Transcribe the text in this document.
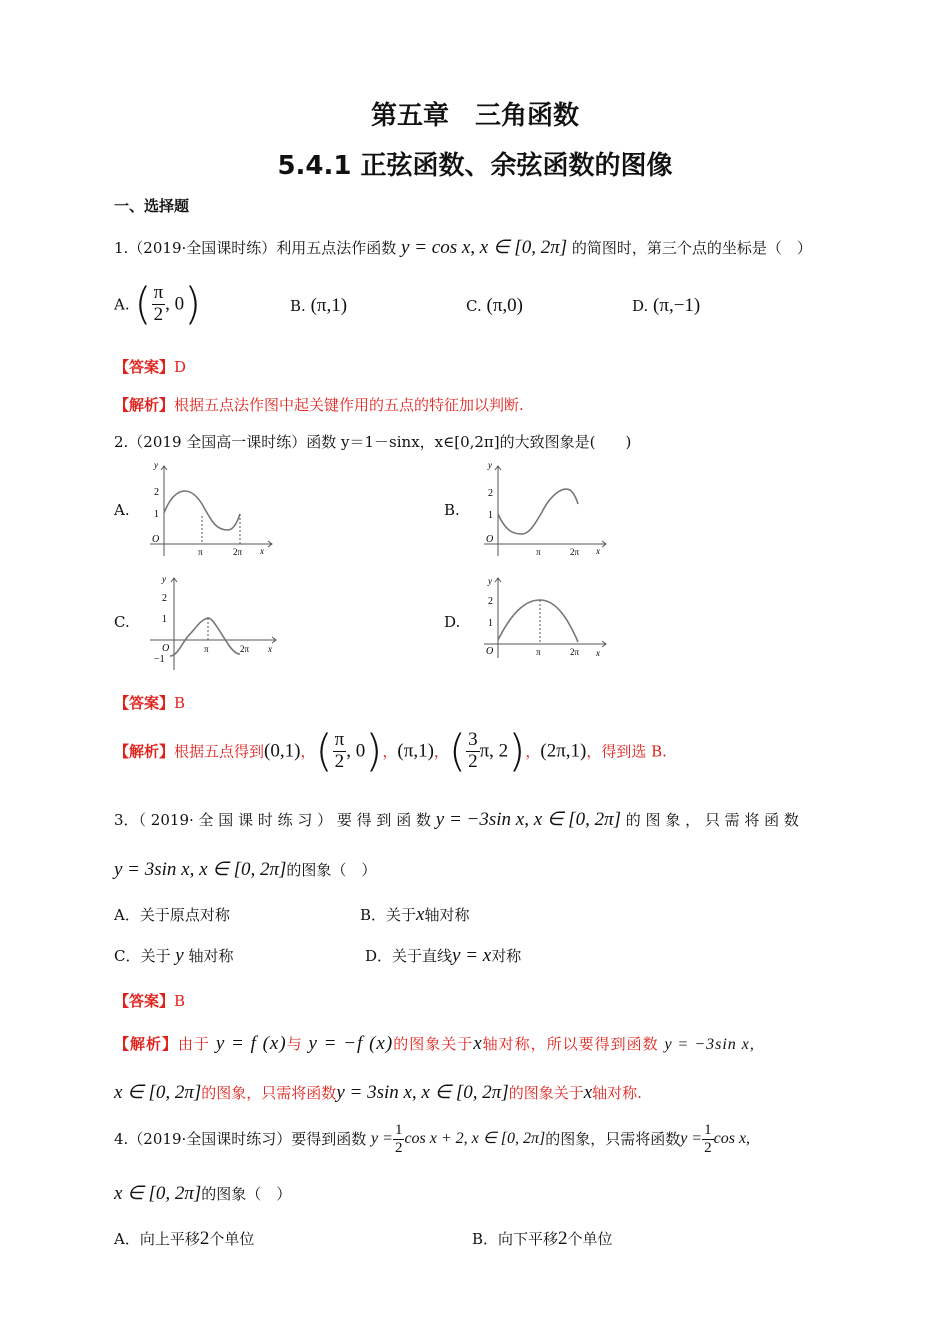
第五章　三角函数
5.4.1 正弦函数、余弦函数的图像
一、选择题
1.（2019·全国课时练）利用五点法作函数 y = cos x, x ∈ [0, 2π] 的简图时，第三个点的坐标是（　）
A. ( $\frac{\pi}{2}$ , 0)	B. (π,1)	C. (π,0)	D. (π,−1)
【答案】D
【解析】根据五点法作图中起关键作用的五点的特征加以判断.
2.（2019 全国高一课时练）函数 y＝1－sinx，x∈[0,2π]的大致图象是(　　)
A.	B.
C.	D.
y
2
1
O
π	2π x
y
2
1
O
π	2π x
y
2
1
O
−1
π	2π x
y
2
1
O	π	2π x
【答案】B
【解析】根据五点得到(0,1)，( $\frac{\pi}{2}$ , 0)，(π,1)，( $\frac{3}{2} \pi$, 2)，(2π,1)，得到选 B.
3．（ 2019· 全 国 课 时 练 习 ） 要 得 到 函 数 y = −3sin x, x ∈ [0, 2π] 的 图 象 ， 只 需 将 函 数
y = 3sin x, x ∈ [0, 2π]的图象（　）
A．关于原点对称	B．关于x轴对称
C．关于 y 轴对称	D．关于直线y = x对称
【答案】B
【解析】由于 y = f (x)与 y = −f (x)的图象关于x轴对称，所以要得到函数 y = −3sin x,
x ∈ [0, 2π]的图象，只需将函数y = 3sin x, x ∈ [0, 2π]的图象关于x轴对称.
4.（2019·全国课时练习）要得到函数 $y = \frac{1}{2}$ cos x + 2, x ∈ [0, 2π]的图象，只需将函数$y = \frac{1}{2}$ cos x,
x ∈ [0, 2π]的图象（　）
A．向上平移2个单位	B．向下平移2个单位
